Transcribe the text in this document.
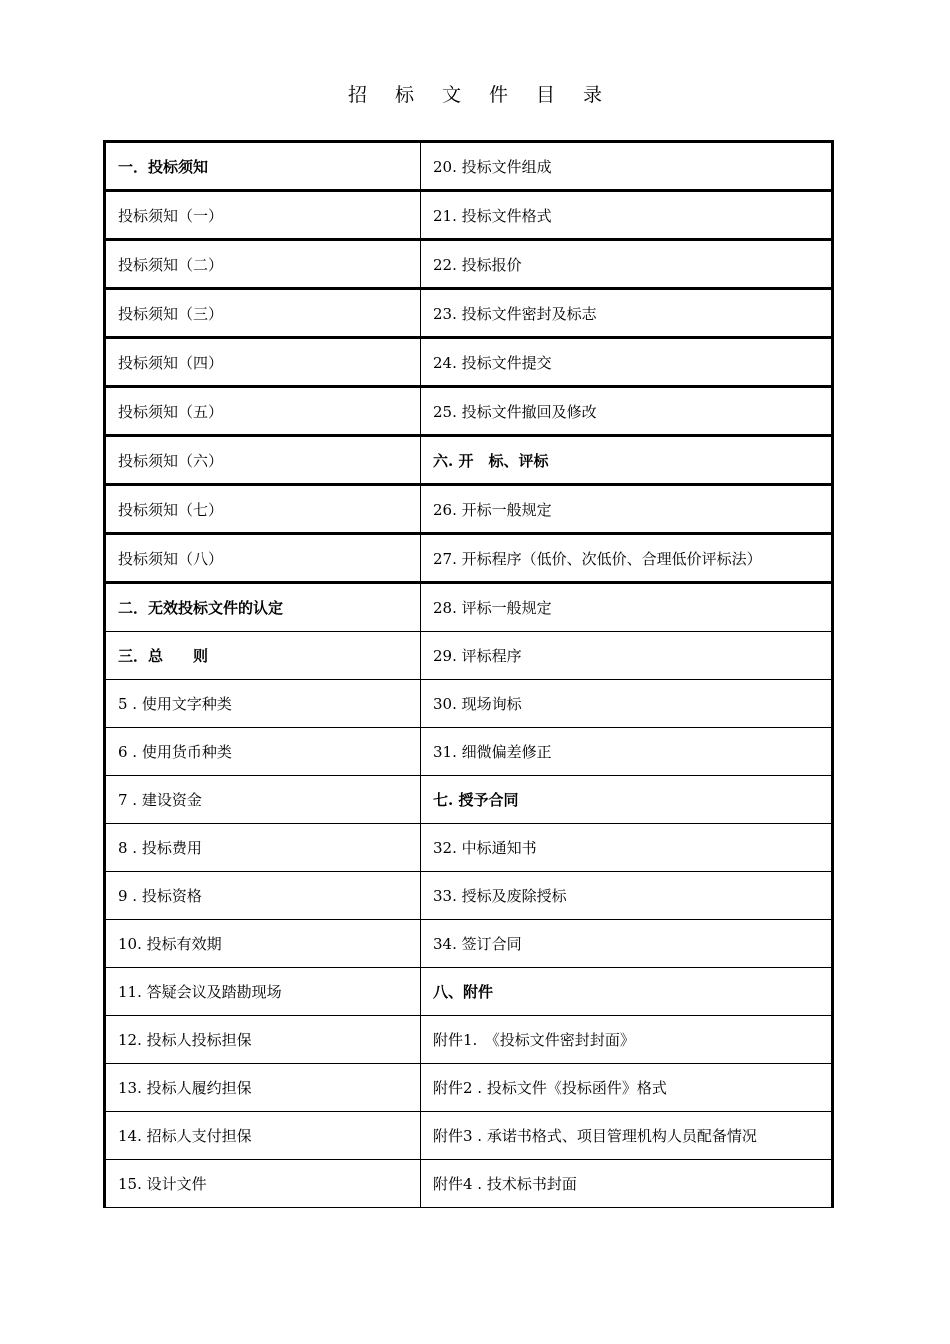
招 标 文 件 目 录
一．投标须知	20. 投标文件组成
投标须知（一）	21. 投标文件格式
投标须知（二）	22. 投标报价
投标须知（三）	23. 投标文件密封及标志
投标须知（四）	24. 投标文件提交
投标须知（五）	25. 投标文件撤回及修改
投标须知（六）	六. 开　标、评标
投标须知（七）	26. 开标一般规定
投标须知（八）	27. 开标程序（低价、次低价、合理低价评标法）
二．无效投标文件的认定	28. 评标一般规定
三．总　　则	29. 评标程序
5 . 使用文字种类	30. 现场询标
6 . 使用货币种类	31. 细微偏差修正
7 . 建设资金	七. 授予合同
8 . 投标费用	32. 中标通知书
9 . 投标资格	33. 授标及废除授标
10. 投标有效期	34. 签订合同
11. 答疑会议及踏勘现场	八、附件
12. 投标人投标担保	附件1.　《投标文件密封封面》
13. 投标人履约担保	附件2 . 投标文件《投标函件》格式
14. 招标人支付担保	附件3 . 承诺书格式、项目管理机构人员配备情况
15. 设计文件	附件4 . 技术标书封面
